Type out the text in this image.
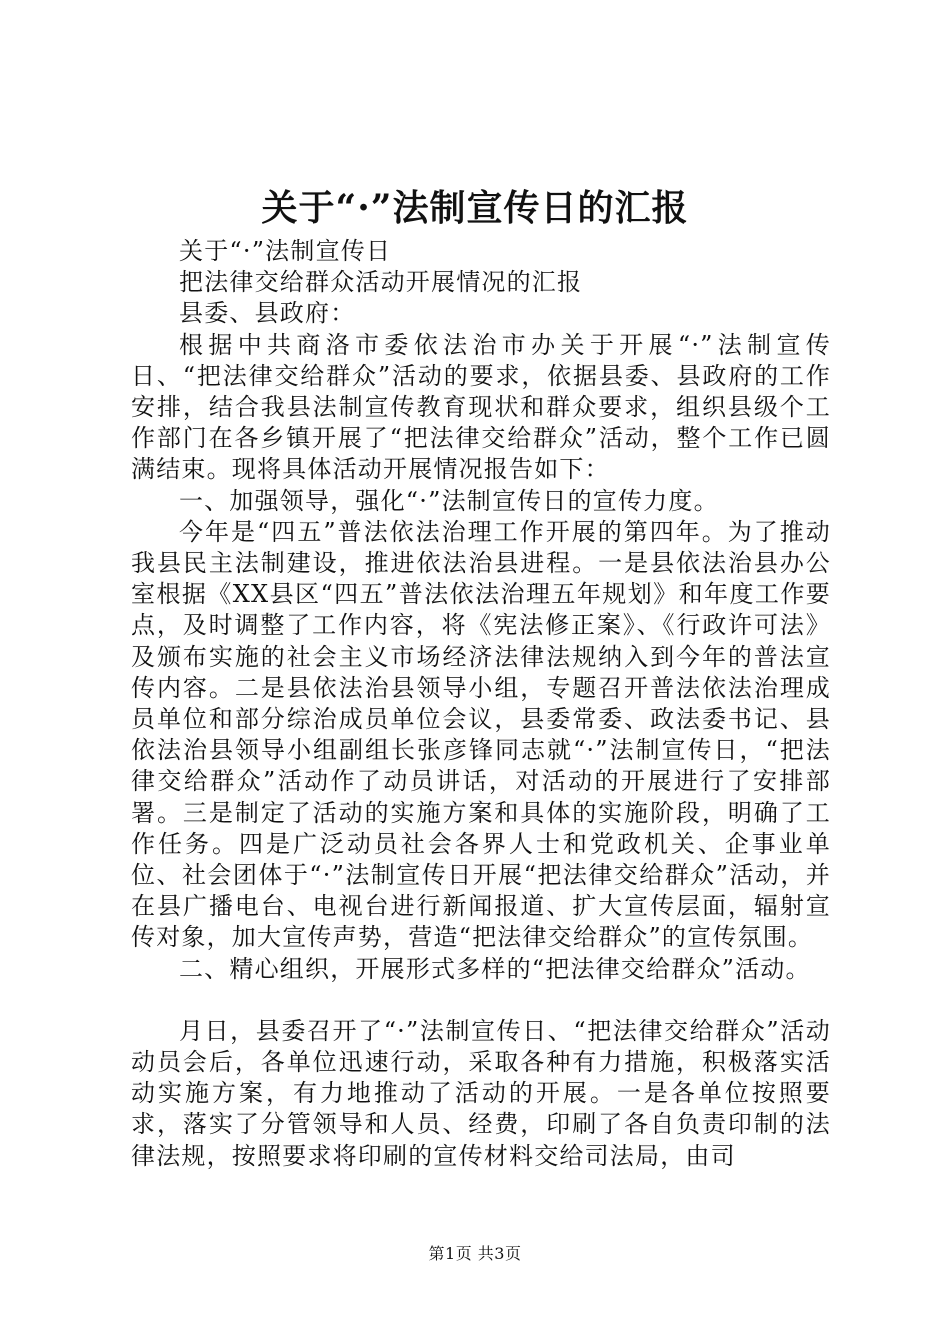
关于“·”法制宣传日的汇报

关于“·”法制宣传日

把法律交给群众活动开展情况的汇报

县委、县政府：

根据中共商洛市委依法治市办关于开展“·”法制宣传日、“把法律交给群众”活动的要求，依据县委、县政府的工作安排，结合我县法制宣传教育现状和群众要求，组织县级个工作部门在各乡镇开展了“把法律交给群众”活动，整个工作已圆满结束。现将具体活动开展情况报告如下：

一、加强领导，强化“·”法制宣传日的宣传力度。

今年是“四五”普法依法治理工作开展的第四年。为了推动我县民主法制建设，推进依法治县进程。一是县依法治县办公室根据《XX县区“四五”普法依法治理五年规划》和年度工作要点，及时调整了工作内容，将《宪法修正案》、《行政许可法》及颁布实施的社会主义市场经济法律法规纳入到今年的普法宣传内容。二是县依法治县领导小组，专题召开普法依法治理成员单位和部分综治成员单位会议，县委常委、政法委书记、县依法治县领导小组副组长张彦锋同志就“·”法制宣传日，“把法律交给群众”活动作了动员讲话，对活动的开展进行了安排部署。三是制定了活动的实施方案和具体的实施阶段，明确了工作任务。四是广泛动员社会各界人士和党政机关、企事业单位、社会团体于“·”法制宣传日开展“把法律交给群众”活动，并在县广播电台、电视台进行新闻报道、扩大宣传层面，辐射宣传对象，加大宣传声势，营造“把法律交给群众”的宣传氛围。

二、精心组织，开展形式多样的“把法律交给群众”活动。

月日，县委召开了“·”法制宣传日、“把法律交给群众”活动动员会后，各单位迅速行动，采取各种有力措施，积极落实活动实施方案，有力地推动了活动的开展。一是各单位按照要求，落实了分管领导和人员、经费，印刷了各自负责印制的法律法规，按照要求将印刷的宣传材料交给司法局，由司

第1页 共3页
